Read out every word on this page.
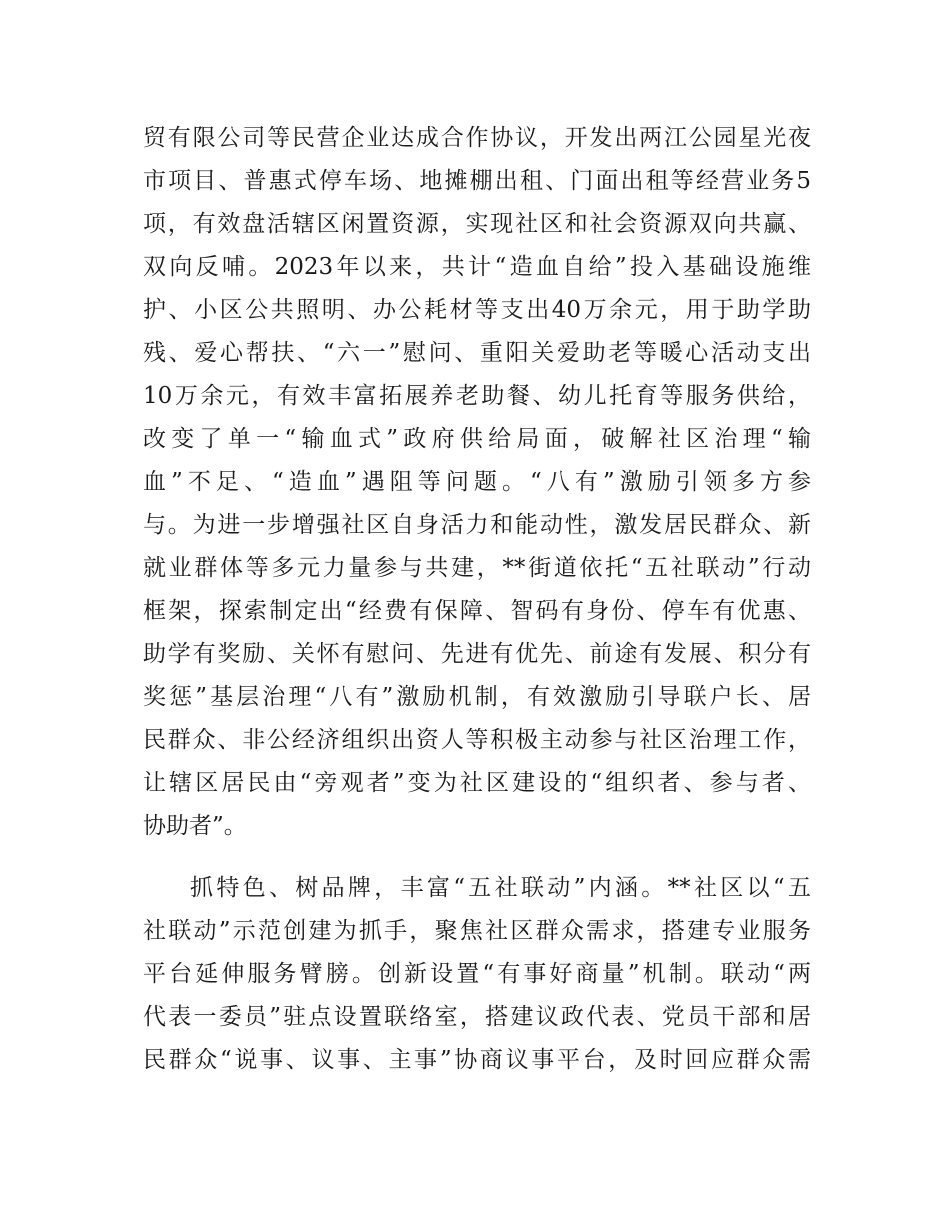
贸有限公司等民营企业达成合作协议，开发出两江公园星光夜
市项目、普惠式停车场、地摊棚出租、门面出租等经营业务5
项，有效盘活辖区闲置资源，实现社区和社会资源双向共赢、
双向反哺。2023年以来，共计“造血自给”投入基础设施维
护、小区公共照明、办公耗材等支出40万余元，用于助学助
残、爱心帮扶、“六一”慰问、重阳关爱助老等暖心活动支出
10万余元，有效丰富拓展养老助餐、幼儿托育等服务供给，
改变了单一“输血式”政府供给局面，破解社区治理“输
血”不足、“造血”遇阻等问题。“八有”激励引领多方参
与。为进一步增强社区自身活力和能动性，激发居民群众、新
就业群体等多元力量参与共建，**街道依托“五社联动”行动
框架，探索制定出“经费有保障、智码有身份、停车有优惠、
助学有奖励、关怀有慰问、先进有优先、前途有发展、积分有
奖惩”基层治理“八有”激励机制，有效激励引导联户长、居
民群众、非公经济组织出资人等积极主动参与社区治理工作，
让辖区居民由“旁观者”变为社区建设的“组织者、参与者、
协助者”。
抓特色、树品牌，丰富“五社联动”内涵。**社区以“五
社联动”示范创建为抓手，聚焦社区群众需求，搭建专业服务
平台延伸服务臂膀。创新设置“有事好商量”机制。联动“两
代表一委员”驻点设置联络室，搭建议政代表、党员干部和居
民群众“说事、议事、主事”协商议事平台，及时回应群众需
